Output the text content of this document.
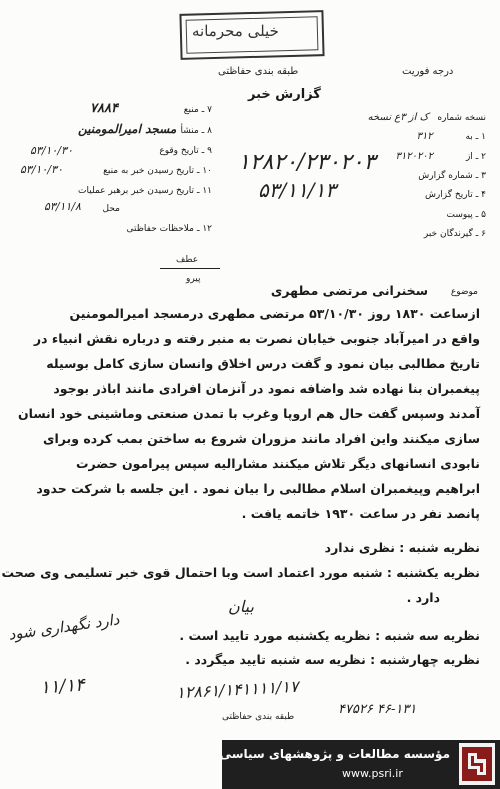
خیلی محرمانه
طبقه بندی حفاظتی	درجه فوریت
گزارش خبر
نسخه شماره ک از ۳ع نسخه
۱ ـ به ۳۱۲
۲ ـ از ۳۱۲۰۲۰۲
۳ ـ شماره گزارش
۴ ـ تاریخ گزارش
۵ ـ پیوست
۶ ـ گیرندگان خبر
۱۲۸۲۰/۲۳۰۲۰۳
۵۳/۱۱/۱۳
۷ ـ منبع
۷۸۸۴
۸ ـ منشأ
مسجد امیرالمومنین
۹ ـ تاریخ وقوع
۵۳/۱۰/۳۰
۱۰ ـ تاریخ رسیدن خبر به منبع
۵۳/۱۰/۳۰
۱۱ ـ تاریخ رسیدن خبر برهبر عملیات
محل
۵۳/۱۱/۸
۱۲ ـ ملاحظات حفاظتی
عطف
پیرو
موضوع
سخنرانی مرتضی مطهری
ازساعت ۱۸۳۰ روز ۵۳/۱۰/۳۰ مرتضی مطهری درمسجد امیرالمومنین
واقع در امیرآباد جنوبی خیابان نصرت به منبر رفته و درباره نقش انبیاء در
تاریخ مطالبی بیان نمود و گفت درس اخلاق وانسان سازی کامل بوسیله
پیغمبران بنا نهاده شد واضافه نمود در آنزمان افرادی مانند اباذر بوجود
آمدند وسپس گفت حال هم اروپا وغرب با تمدن صنعتی وماشینی خود انسان
سازی میکنند واین افراد مانند مزوران شروع به ساختن بمب کرده وبرای
نابودی انسانهای دیگر تلاش میکنند مشارالیه سپس پیرامون حضرت
ابراهیم وپیغمبران اسلام مطالبی را بیان نمود . این جلسه با شرکت حدود
پانصد نفر در ساعت ۱۹۳۰ خاتمه یافت .
نظریه شنبه : نظری ندارد
نظریه یکشنبه : شنبه مورد اعتماد است وبا احتمال قوی خبر تسلیمی وی صحت
دارد .
نظریه سه شنبه : نظریه یکشنبه مورد تایید است .
نظریه چهارشنبه : نظریه سه شنبه تایید میگردد .
بیان
دارد نگهداری شود
۱۱/۱۴	۱۲۸۶۱/۱۴۱۱۱۱/۱۷
۴۷۵۲۶ ۴۶-۱۳۱
طبقه بندی حفاظتی
مؤسسه مطالعات و پژوهشهای سیاسی
www.psri.ir
